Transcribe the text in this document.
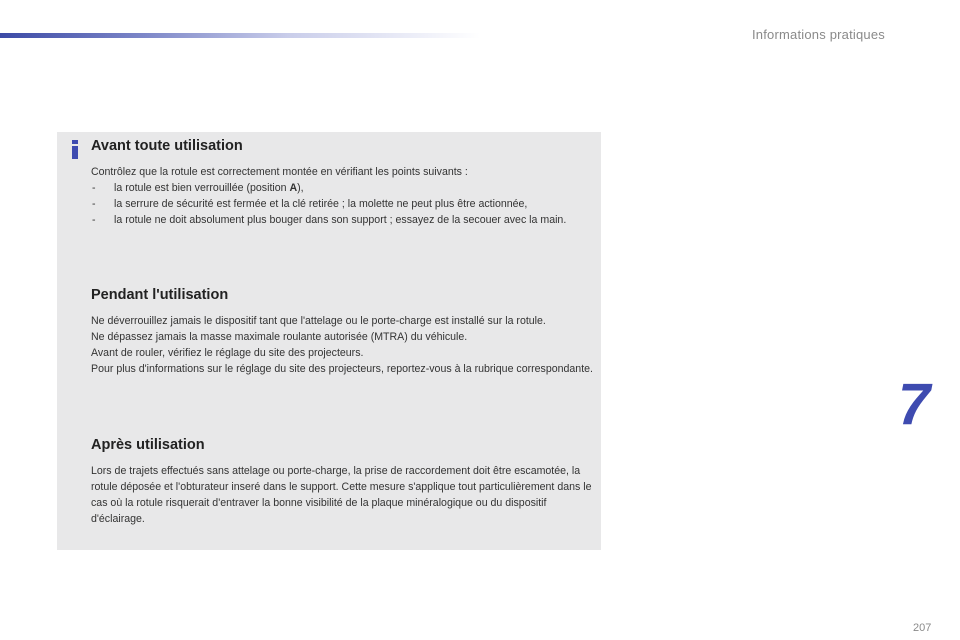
Informations pratiques
Avant toute utilisation

Contrôlez que la rotule est correctement montée en vérifiant les points suivants :

- la rotule est bien verrouillée (position A),
- la serrure de sécurité est fermée et la clé retirée ; la molette ne peut plus être actionnée,
- la rotule ne doit absolument plus bouger dans son support ; essayez de la secouer avec la main.
Pendant l'utilisation

Ne déverrouillez jamais le dispositif tant que l'attelage ou le porte-charge est installé sur la rotule.

Ne dépassez jamais la masse maximale roulante autorisée (MTRA) du véhicule.

Avant de rouler, vérifiez le réglage du site des projecteurs.

Pour plus d'informations sur le réglage du site des projecteurs, reportez-vous à la rubrique correspondante.

Après utilisation

Lors de trajets effectués sans attelage ou porte-charge, la prise de raccordement doit être escamotée, la rotule déposée et l'obturateur inseré dans le support. Cette mesure s'applique tout particulièrement dans le cas où la rotule risquerait d'entraver la bonne visibilité de la plaque minéralogique ou du dispositif d'éclairage.

7
207
